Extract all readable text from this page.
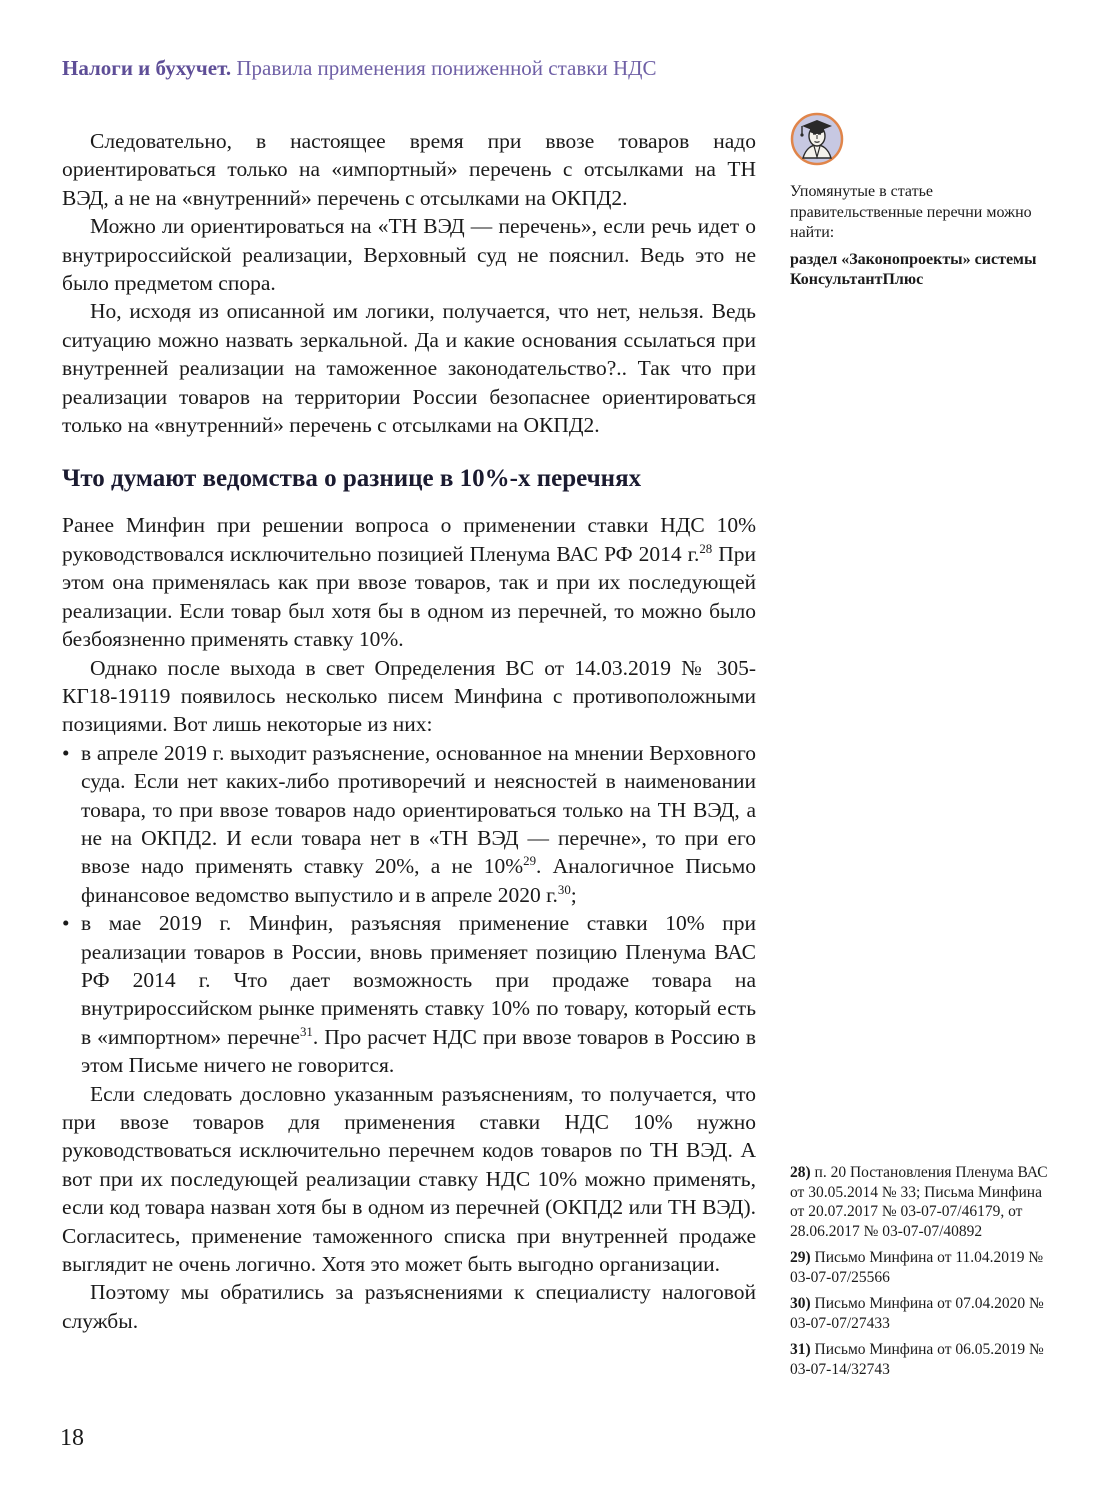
Налоги и бухучет. Правила применения пониженной ставки НДС

Следовательно, в настоящее время при ввозе товаров надо ориентироваться только на «импортный» перечень с отсылками на ТН ВЭД, а не на «внутренний» перечень с отсылками на ОКПД2.

Можно ли ориентироваться на «ТН ВЭД — перечень», если речь идет о внутрироссийской реализации, Верховный суд не пояснил. Ведь это не было предметом спора.

Но, исходя из описанной им логики, получается, что нет, нельзя. Ведь ситуацию можно назвать зеркальной. Да и какие основания ссылаться при внутренней реализации на таможенное законодательство?.. Так что при реализации товаров на территории России безопаснее ориентироваться только на «внутренний» перечень с отсылками на ОКПД2.

Что думают ведомства о разнице в 10%-х перечнях

Ранее Минфин при решении вопроса о применении ставки НДС 10% руководствовался исключительно позицией Пленума ВАС РФ 2014 г.$^{28}$ При этом она применялась как при ввозе товаров, так и при их последующей реализации. Если товар был хотя бы в одном из перечней, то можно было безбоязненно применять ставку 10%.

Однако после выхода в свет Определения ВС от 14.03.2019 № 305-КГ18-19119 появилось несколько писем Минфина с противоположными позициями. Вот лишь некоторые из них:

• в апреле 2019 г. выходит разъяснение, основанное на мнении Верховного суда. Если нет каких-либо противоречий и неясностей в наименовании товара, то при ввозе товаров надо ориентироваться только на ТН ВЭД, а не на ОКПД2. И если товара нет в «ТН ВЭД — перечне», то при его ввозе надо применять ставку 20%, а не 10%$^{29}$. Аналогичное Письмо финансовое ведомство выпустило и в апреле 2020 г.$^{30}$;
• в мае 2019 г. Минфин, разъясняя применение ставки 10% при реализации товаров в России, вновь применяет позицию Пленума ВАС РФ 2014 г. Что дает возможность при продаже товара на внутрироссийском рынке применять ставку 10% по товару, который есть в «импортном» перечне$^{31}$. Про расчет НДС при ввозе товаров в Россию в этом Письме ничего не говорится.

Если следовать дословно указанным разъяснениям, то получается, что при ввозе товаров для применения ставки НДС 10% нужно руководствоваться исключительно перечнем кодов товаров по ТН ВЭД. А вот при их последующей реализации ставку НДС 10% можно применять, если код товара назван хотя бы в одном из перечней (ОКПД2 или ТН ВЭД). Согласитесь, применение таможенного списка при внутренней продаже выглядит не очень логично. Хотя это может быть выгодно организации.

Поэтому мы обратились за разъяснениями к специалисту налоговой службы.

Упомянутые в статье правительственные перечни можно найти:

раздел «Законопроекты» системы КонсультантПлюс

28) п. 20 Постановления Пленума ВАС от 30.05.2014 № 33; Письма Минфина от 20.07.2017 № 03-07-07/46179, от 28.06.2017 № 03-07-07/40892

29) Письмо Минфина от 11.04.2019 № 03-07-07/25566

30) Письмо Минфина от 07.04.2020 № 03-07-07/27433

31) Письмо Минфина от 06.05.2019 № 03-07-14/32743

18
